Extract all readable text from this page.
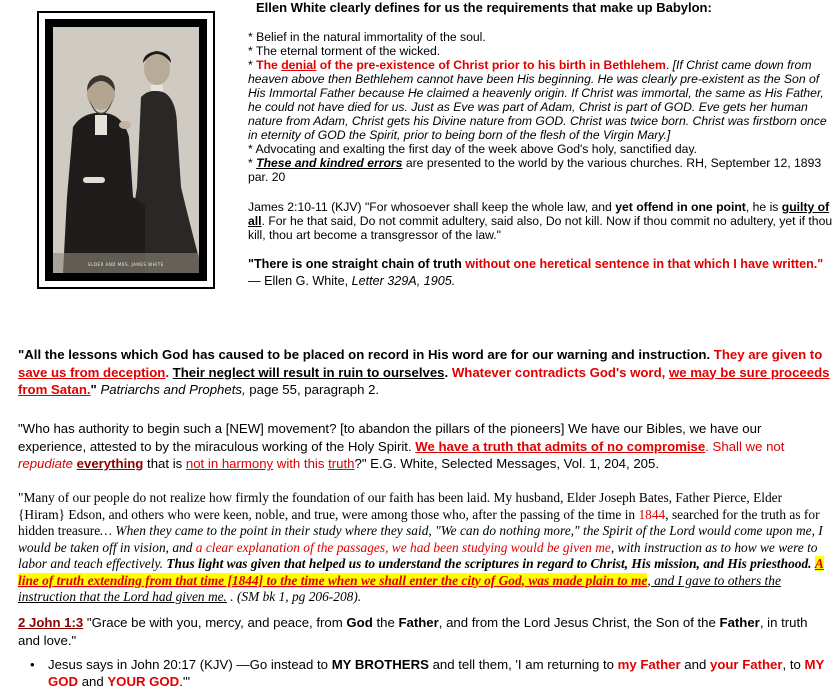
ELDER AND MRS. JAMES WHITE
Ellen White clearly defines for us the requirements that make up Babylon:

* Belief in the natural immortality of the soul.

* The eternal torment of the wicked.

* The denial of the pre-existence of Christ prior to his birth in Bethlehem. [If Christ came down from heaven above then Bethlehem cannot have been His beginning. He was clearly pre-existent as the Son of His Immortal Father because He claimed a heavenly origin. If Christ was immortal, the same as His Father, he could not have died for us. Just as Eve was part of Adam, Christ is part of GOD. Eve gets her human nature from Adam, Christ gets his Divine nature from GOD. Christ was twice born. Christ was firstborn once in eternity of GOD the Spirit, prior to being born of the flesh of the Virgin Mary.]

* Advocating and exalting the first day of the week above God's holy, sanctified day.

* These and kindred errors are presented to the world by the various churches. RH, September 12, 1893 par. 20

James 2:10-11 (KJV) "For whosoever shall keep the whole law, and yet offend in one point, he is guilty of all. For he that said, Do not commit adultery, said also, Do not kill. Now if thou commit no adultery, yet if thou kill, thou art become a transgressor of the law."

"There is one straight chain of truth without one heretical sentence in that which I have written." — Ellen G. White, Letter 329A, 1905.

"All the lessons which God has caused to be placed on record in His word are for our warning and instruction. They are given to save us from deception. Their neglect will result in ruin to ourselves. Whatever contradicts God's word, we may be sure proceeds from Satan." Patriarchs and Prophets, page 55, paragraph 2.
"Who has authority to begin such a [NEW] movement? [to abandon the pillars of the pioneers] We have our Bibles, we have our experience, attested to by the miraculous working of the Holy Spirit. We have a truth that admits of no compromise. Shall we not repudiate everything that is not in harmony with this truth?" E.G. White, Selected Messages, Vol. 1, 204, 205.
"Many of our people do not realize how firmly the foundation of our faith has been laid. My husband, Elder Joseph Bates, Father Pierce, Elder {Hiram} Edson, and others who were keen, noble, and true, were among those who, after the passing of the time in 1844, searched for the truth as for hidden treasure… When they came to the point in their study where they said, "We can do nothing more," the Spirit of the Lord would come upon me, I would be taken off in vision, and a clear explanation of the passages, we had been studying would be given me, with instruction as to how we were to labor and teach effectively. Thus light was given that helped us to understand the scriptures in regard to Christ, His mission, and His priesthood. A line of truth extending from that time [1844] to the time when we shall enter the city of God, was made plain to me, and I gave to others the instruction that the Lord had given me. . (SM bk 1, pg 206-208).
2 John 1:3 "Grace be with you, mercy, and peace, from God the Father, and from the Lord Jesus Christ, the Son of the Father, in truth and love."
• Jesus says in John 20:17 (KJV) —Go instead to MY BROTHERS and tell them, 'I am returning to my Father and your Father, to MY GOD and YOUR GOD.'"
